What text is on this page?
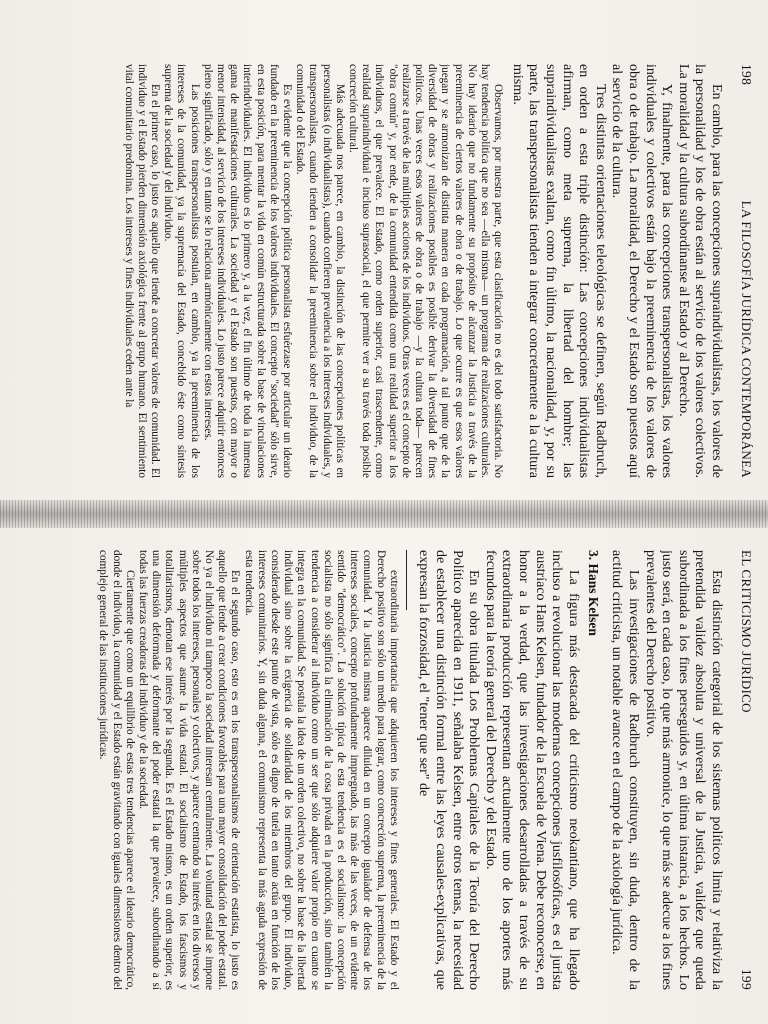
198
LA FILOSOFÍA JURÍDICA CONTEMPORÁNEA

En cambio, para las concepciones supraindividualistas, los valores de la personalidad y los de obra están al servicio de los valores colectivos. La moralidad y la cultura subordínanse al Estado y al Derecho.

Y, finalmente, para las concepciones transpersonalistas, los valores individuales y colectivos están bajo la preeminencia de los valores de obra o de trabajo. La moralidad, el Derecho y el Estado son puestos aquí al servicio de la cultura.

Tres distintas orientaciones teleológicas se definen, según Radbruch, en orden a esta triple distinción: Las concepciones individualistas afirman, como meta suprema, la libertad del hombre; las supraindividualistas exaltan, como fin último, la nacionalidad, y, por su parte, las transpersonalistas tienden a integrar concretamente a la cultura misma.

Observamos, por nuestra parte, que esta clasificación no es del todo satisfactoria. No hay tendencia política que no sea —ella misma— un programa de realizaciones culturales. No hay ideario que no fundamente su propósito de alcanzar la Justicia a través de la preeminencia de ciertos valores de obra o de trabajo. Lo que ocurre es que esos valores juegan y se armonizan de distinta manera en cada programación, a tal punto que de la diversidad de obras y realizaciones posibles es posible derivar la diversidad de fines políticos. Unas veces esos valores de obra o de trabajo —y la cultura toda— parecen realizarse a través de las múltiples acciones de los individuos. Otras veces es el concepto de "obra común" y, por ende, de la comunidad entendida como una realidad superior a los individuos, el que prevalece. El Estado, como orden superior, casi trascendente, como realidad supraindividual e incluso suprasocial, el que permite ver a su través toda posible concreción cultural.

Más adecuada nos parece, en cambio, la distinción de las concepciones políticas en personalistas (o individualistas), cuando confieren prevalencia a los intereses individuales, y transpersonalistas, cuando tienden a consolidar la preeminencia sobre el individuo, de la comunidad o del Estado.

Es evidente que la concepción política personalista esfuérzase por articular un ideario fundado en la preeminencia de los valores individuales. El concepto "sociedad" sólo sirve, en esta posición, para mentar la vida en común estructurada sobre la base de vinculaciones interindividuales. El individuo es lo primero y, a la vez, el fin último de toda la inmensa gama de manifestaciones culturales. La sociedad y el Estado son puestos, con mayor o menor intensidad, al servicio de los intereses individuales. Lo justo parece adquirir entonces pleno significado, sólo y en tanto se lo relaciona armónicamente con estos intereses.

Las posiciones transpersonalistas postulan, en cambio, ya la preeminencia de los intereses de la comunidad, ya la supremacía del Estado, concebido éste como síntesis suprema de la sociedad y del individuo.

En el primer caso, lo justo es aquello que tiende a concretar valores de comunidad. El individuo y el Estado pierden dimensión axiológica frente al grupo humano. El sentimiento vital comunitario predomina. Los intereses y fines individuales ceden ante la

EL CRITICISMO JURÍDICO
199

Esta distinción categorial de los sistemas políticos limita y relativiza la pretendida validez absoluta y universal de la Justicia, validez que queda subordinada a los fines perseguidos y, en última instancia, a los hechos. Lo justo será, en cada caso, lo que más armonice, lo que más se adecue a los fines prevalentes del Derecho positivo.

Las investigaciones de Radbruch constituyen, sin duda, dentro de la actitud criticista, un notable avance en el campo de la axiología jurídica.

3. Hans Kelsen

La figura más destacada del criticismo neokantiano, que ha llegado incluso a revolucionar las modernas concepciones jusfilosóficas, es el jurista austríaco Hans Kelsen, fundador de la Escuela de Viena. Debe reconocerse, en honor a la verdad, que las investigaciones desarrolladas a través de su extraordinaria producción representan actualmente uno de los aportes más fecundos para la teoría general del Derecho y del Estado.

En su obra titulada Los Problemas Capitales de la Teoría del Derecho Político aparecida en 1911, señalaba Kelsen, entre otros temas, la necesidad de establecer una distinción formal entre las leyes causales-explicativas, que expresan la forzosidad, el "tener que ser" de

extraordinaria importancia que adquieren los intereses y fines generales. El Estado y el Derecho positivo son sólo un medio para lograr, como concreción suprema, la preeminencia de la comunidad. Y la Justicia misma aparece diluida en un concepto igualador de defensa de los intereses sociales, concepto profundamente impregnado, las más de las veces, de un evidente sentido "democrático". La solución típica de esta tendencia es el socialismo: la concepción socialista no sólo significa la eliminación de la cosa privada en la producción, sino también la tendencia a considerar al individuo como un ser que sólo adquiere valor propio en cuanto se integra en la comunidad. Se postula la idea de un orden colectivo, no sobre la base de la libertad individual sino sobre la exigencia de solidaridad de los miembros del grupo. El individuo, considerado desde este punto de vista, sólo es digno de tutela en tanto actúa en función de los intereses comunitarios. Y, sin duda alguna, el comunismo representa la más aguda expresión de esta tendencia.

En el segundo caso, esto es en los transpersonalismos de orientación estatista, lo justo es aquello que tiende a crear condiciones favorables para una mayor consolidación del poder estatal. No ya el individuo ni tampoco la sociedad interesan centralmente. La voluntad estatal se impone sobre todos los intereses, personales y colectivos, y aparece centrando su interés en los diversos y múltiples aspectos que asume la vida estatal. El socialismo de Estado, los fascismos y totalitarismos, denotan ese interés por la segunda. Es el Estado mismo, es un orden superior, es una dimensión deformada y deformante del poder estatal la que prevalece, subordinando a sí todas las fuerzas creadoras del individuo y de la sociedad.

Ciertamente que como un equilibrio de estas tres tendencias aparece el ideario democrático, donde el individuo, la comunidad y el Estado están gravitando con iguales dimensiones dentro del complejo general de las instituciones jurídicas.
